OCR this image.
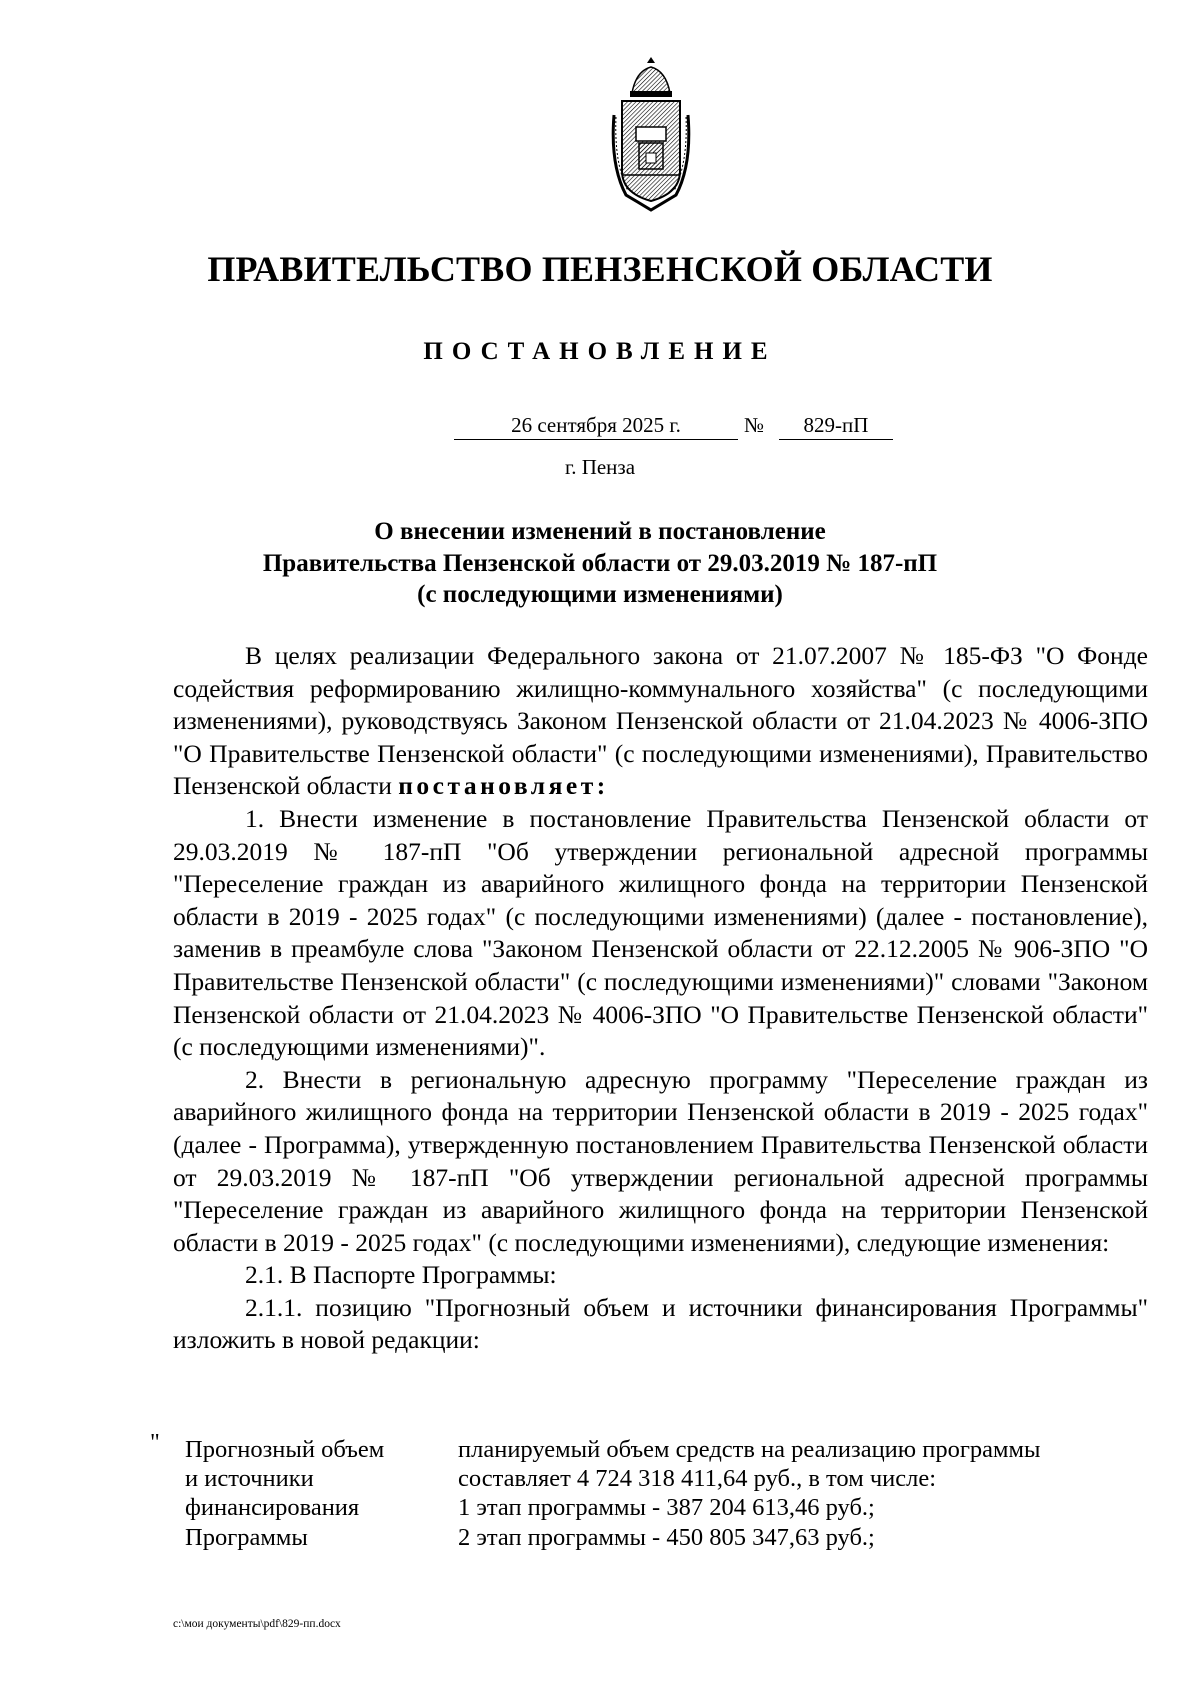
ПРАВИТЕЛЬСТВО ПЕНЗЕНСКОЙ ОБЛАСТИ
ПОСТАНОВЛЕНИЕ
26 сентября 2025 г.	№	829-пП
г. Пенза
О внесении изменений в постановление
Правительства Пензенской области от 29.03.2019 № 187-пП
(с последующими изменениями)

В целях реализации Федерального закона от 21.07.2007 № 185-ФЗ "О Фонде содействия реформированию жилищно-коммунального хозяйства" (с последующими изменениями), руководствуясь Законом Пензенской области от 21.04.2023 № 4006-ЗПО "О Правительстве Пензенской области" (с последующими изменениями), Правительство Пензенской области постановляет:

1. Внести изменение в постановление Правительства Пензенской области от 29.03.2019 № 187-пП "Об утверждении региональной адресной программы "Переселение граждан из аварийного жилищного фонда на территории Пензенской области в 2019 - 2025 годах" (с последующими изменениями) (далее - постановление), заменив в преамбуле слова "Законом Пензенской области от 22.12.2005 № 906-ЗПО "О Правительстве Пензенской области" (с последующими изменениями)" словами "Законом Пензенской области от 21.04.2023 № 4006-ЗПО "О Правительстве Пензенской области" (с последующими изменениями)".

2. Внести в региональную адресную программу "Переселение граждан из аварийного жилищного фонда на территории Пензенской области в 2019 - 2025 годах" (далее - Программа), утвержденную постановлением Правительства Пензенской области от 29.03.2019 № 187-пП "Об утверждении региональной адресной программы "Переселение граждан из аварийного жилищного фонда на территории Пензенской области в 2019 - 2025 годах" (с последующими изменениями), следующие изменения:

2.1. В Паспорте Программы:

2.1.1. позицию "Прогнозный объем и источники финансирования Программы" изложить в новой редакции:

" Прогнозный объем
и источники
финансирования
Программы
планируемый объем средств на реализацию программы
составляет 4 724 318 411,64 руб., в том числе:
1 этап программы - 387 204 613,46 руб.;
2 этап программы - 450 805 347,63 руб.;
c:\мои документы\pdf\829-пп.docx
